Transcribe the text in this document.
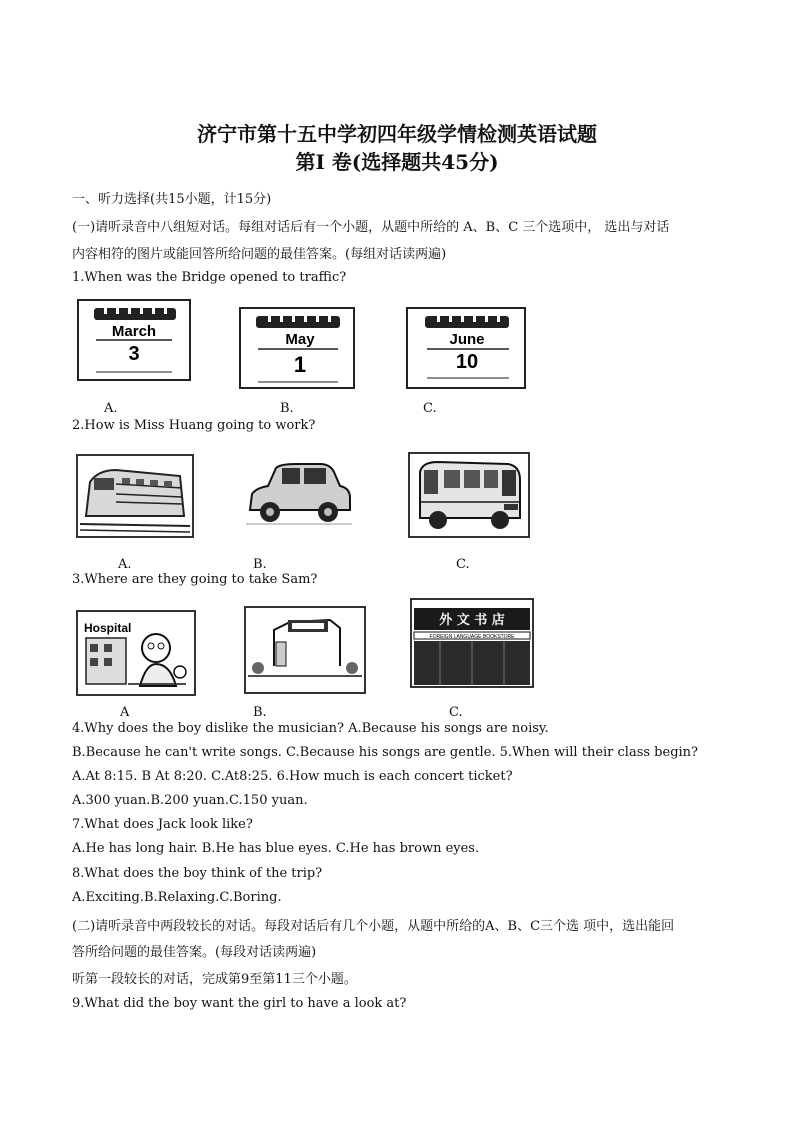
济宁市第十五中学初四年级学情检测英语试题
第I 卷(选择题共45分)
一、听力选择(共15小题，计15分)
(一)请听录音中八组短对话。每组对话后有一个小题，从题中所给的 A、B、C 三个选项中， 选出与对话
内容相符的图片或能回答所给问题的最佳答案。(每组对话读两遍)
1.When was the Bridge opened to traffic?
March
3
May
1
June
10
A.	B.	C.
2.How is Miss Huang going to work?
A.	B.	C.
3.Where are they going to take Sam?
Hospital	外 文 书 店
FOREIGN LANGUAGE BOOKSTORE
A	B.	C.
4.Why does the boy dislike the musician? A.Because his songs are noisy.
B.Because he can't write songs. C.Because his songs are gentle. 5.When will their class begin?
A.At 8:15. B At 8:20. C.At8:25. 6.How much is each concert ticket?
A.300 yuan.B.200 yuan.C.150 yuan.
7.What does Jack look like?
A.He has long hair. B.He has blue eyes. C.He has brown eyes.
8.What does the boy think of the trip?
A.Exciting.B.Relaxing.C.Boring.
(二)请听录音中两段较长的对话。每段对话后有几个小题，从题中所给的A、B、C三个选 项中，选出能回
答所给问题的最佳答案。(每段对话读两遍)
听第一段较长的对话，完成第9至第11三个小题。
9.What did the boy want the girl to have a look at?
